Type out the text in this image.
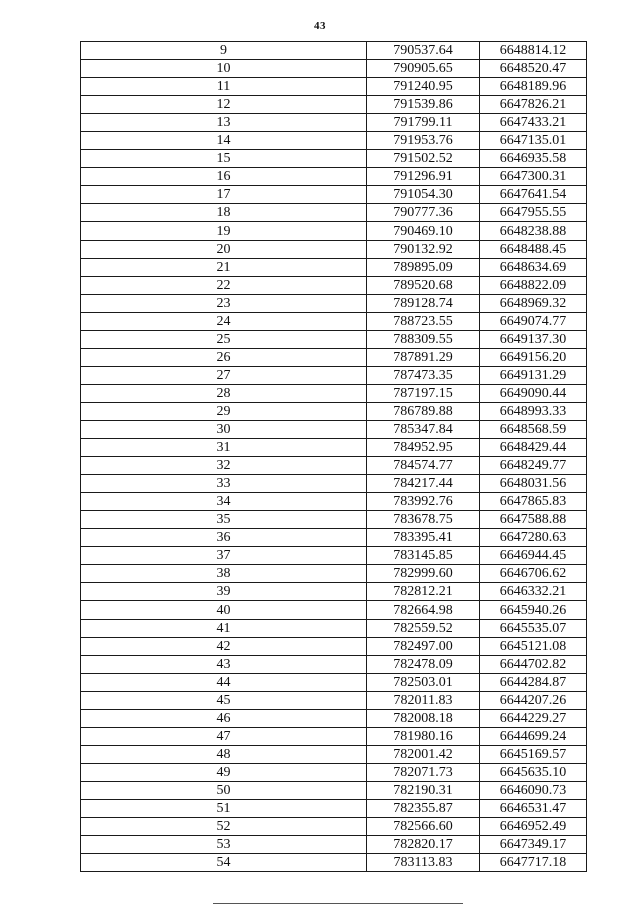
43
9	790537.64	6648814.12
10	790905.65	6648520.47
11	791240.95	6648189.96
12	791539.86	6647826.21
13	791799.11	6647433.21
14	791953.76	6647135.01
15	791502.52	6646935.58
16	791296.91	6647300.31
17	791054.30	6647641.54
18	790777.36	6647955.55
19	790469.10	6648238.88
20	790132.92	6648488.45
21	789895.09	6648634.69
22	789520.68	6648822.09
23	789128.74	6648969.32
24	788723.55	6649074.77
25	788309.55	6649137.30
26	787891.29	6649156.20
27	787473.35	6649131.29
28	787197.15	6649090.44
29	786789.88	6648993.33
30	785347.84	6648568.59
31	784952.95	6648429.44
32	784574.77	6648249.77
33	784217.44	6648031.56
34	783992.76	6647865.83
35	783678.75	6647588.88
36	783395.41	6647280.63
37	783145.85	6646944.45
38	782999.60	6646706.62
39	782812.21	6646332.21
40	782664.98	6645940.26
41	782559.52	6645535.07
42	782497.00	6645121.08
43	782478.09	6644702.82
44	782503.01	6644284.87
45	782011.83	6644207.26
46	782008.18	6644229.27
47	781980.16	6644699.24
48	782001.42	6645169.57
49	782071.73	6645635.10
50	782190.31	6646090.73
51	782355.87	6646531.47
52	782566.60	6646952.49
53	782820.17	6647349.17
54	783113.83	6647717.18
